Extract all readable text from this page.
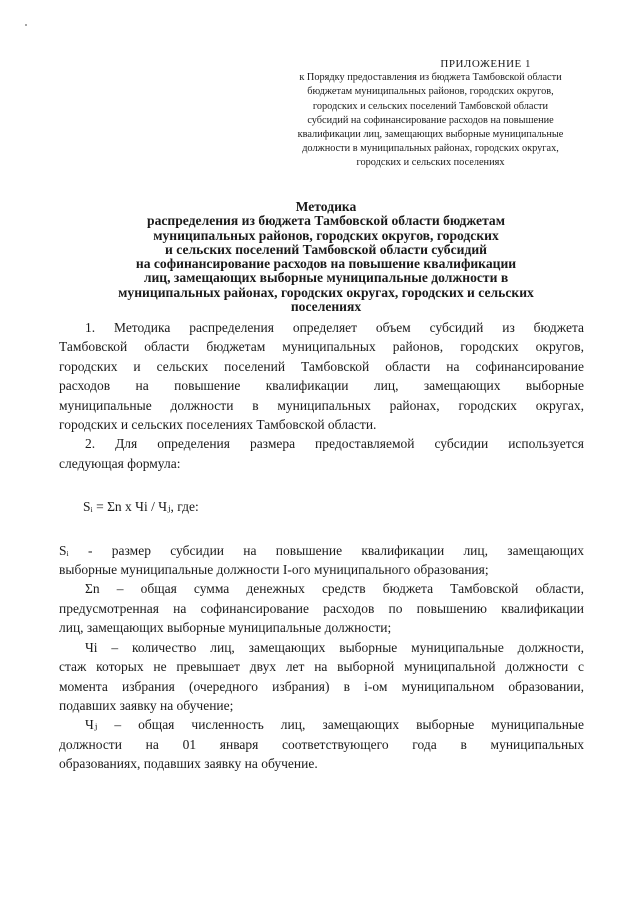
ПРИЛОЖЕНИЕ 1
к Порядку предоставления из бюджета Тамбовской области
бюджетам муниципальных районов, городских округов,
городских и сельских поселений Тамбовской области
субсидий на софинансирование расходов на повышение
квалификации лиц, замещающих выборные муниципальные
должности в муниципальных районах, городских округах,
городских и сельских поселениях
Методика
распределения из бюджета Тамбовской области бюджетам
муниципальных районов, городских округов, городских
и сельских поселений Тамбовской области субсидий
на софинансирование расходов на повышение квалификации
лиц, замещающих выборные муниципальные должности в
муниципальных районах, городских округах, городских и сельских
поселениях
1. Методика распределения определяет объем субсидий из бюджета
Тамбовской области бюджетам муниципальных районов, городских округов,
городских и сельских поселений Тамбовской области на софинансирование
расходов на повышение квалификации лиц, замещающих выборные
муниципальные должности в муниципальных районах, городских округах,
городских и сельских поселениях Тамбовской области.
2. Для определения размера предоставляемой субсидии используется
следующая формула:
Sᵢ = Σn x Чi / Чⱼ, где:
Sᵢ - размер субсидии на повышение квалификации лиц, замещающих
выборные муниципальные должности I-ого муниципального образования;
Σn – общая сумма денежных средств бюджета Тамбовской области,
предусмотренная на софинансирование расходов по повышению квалификации
лиц, замещающих выборные муниципальные должности;
Чi – количество лиц, замещающих выборные муниципальные должности,
стаж которых не превышает двух лет на выборной муниципальной должности с
момента избрания (очередного избрания) в i-ом муниципальном образовании,
подавших заявку на обучение;
Чⱼ – общая численность лиц, замещающих выборные муниципальные
должности на 01 января соответствующего года в муниципальных
образованиях, подавших заявку на обучение.
